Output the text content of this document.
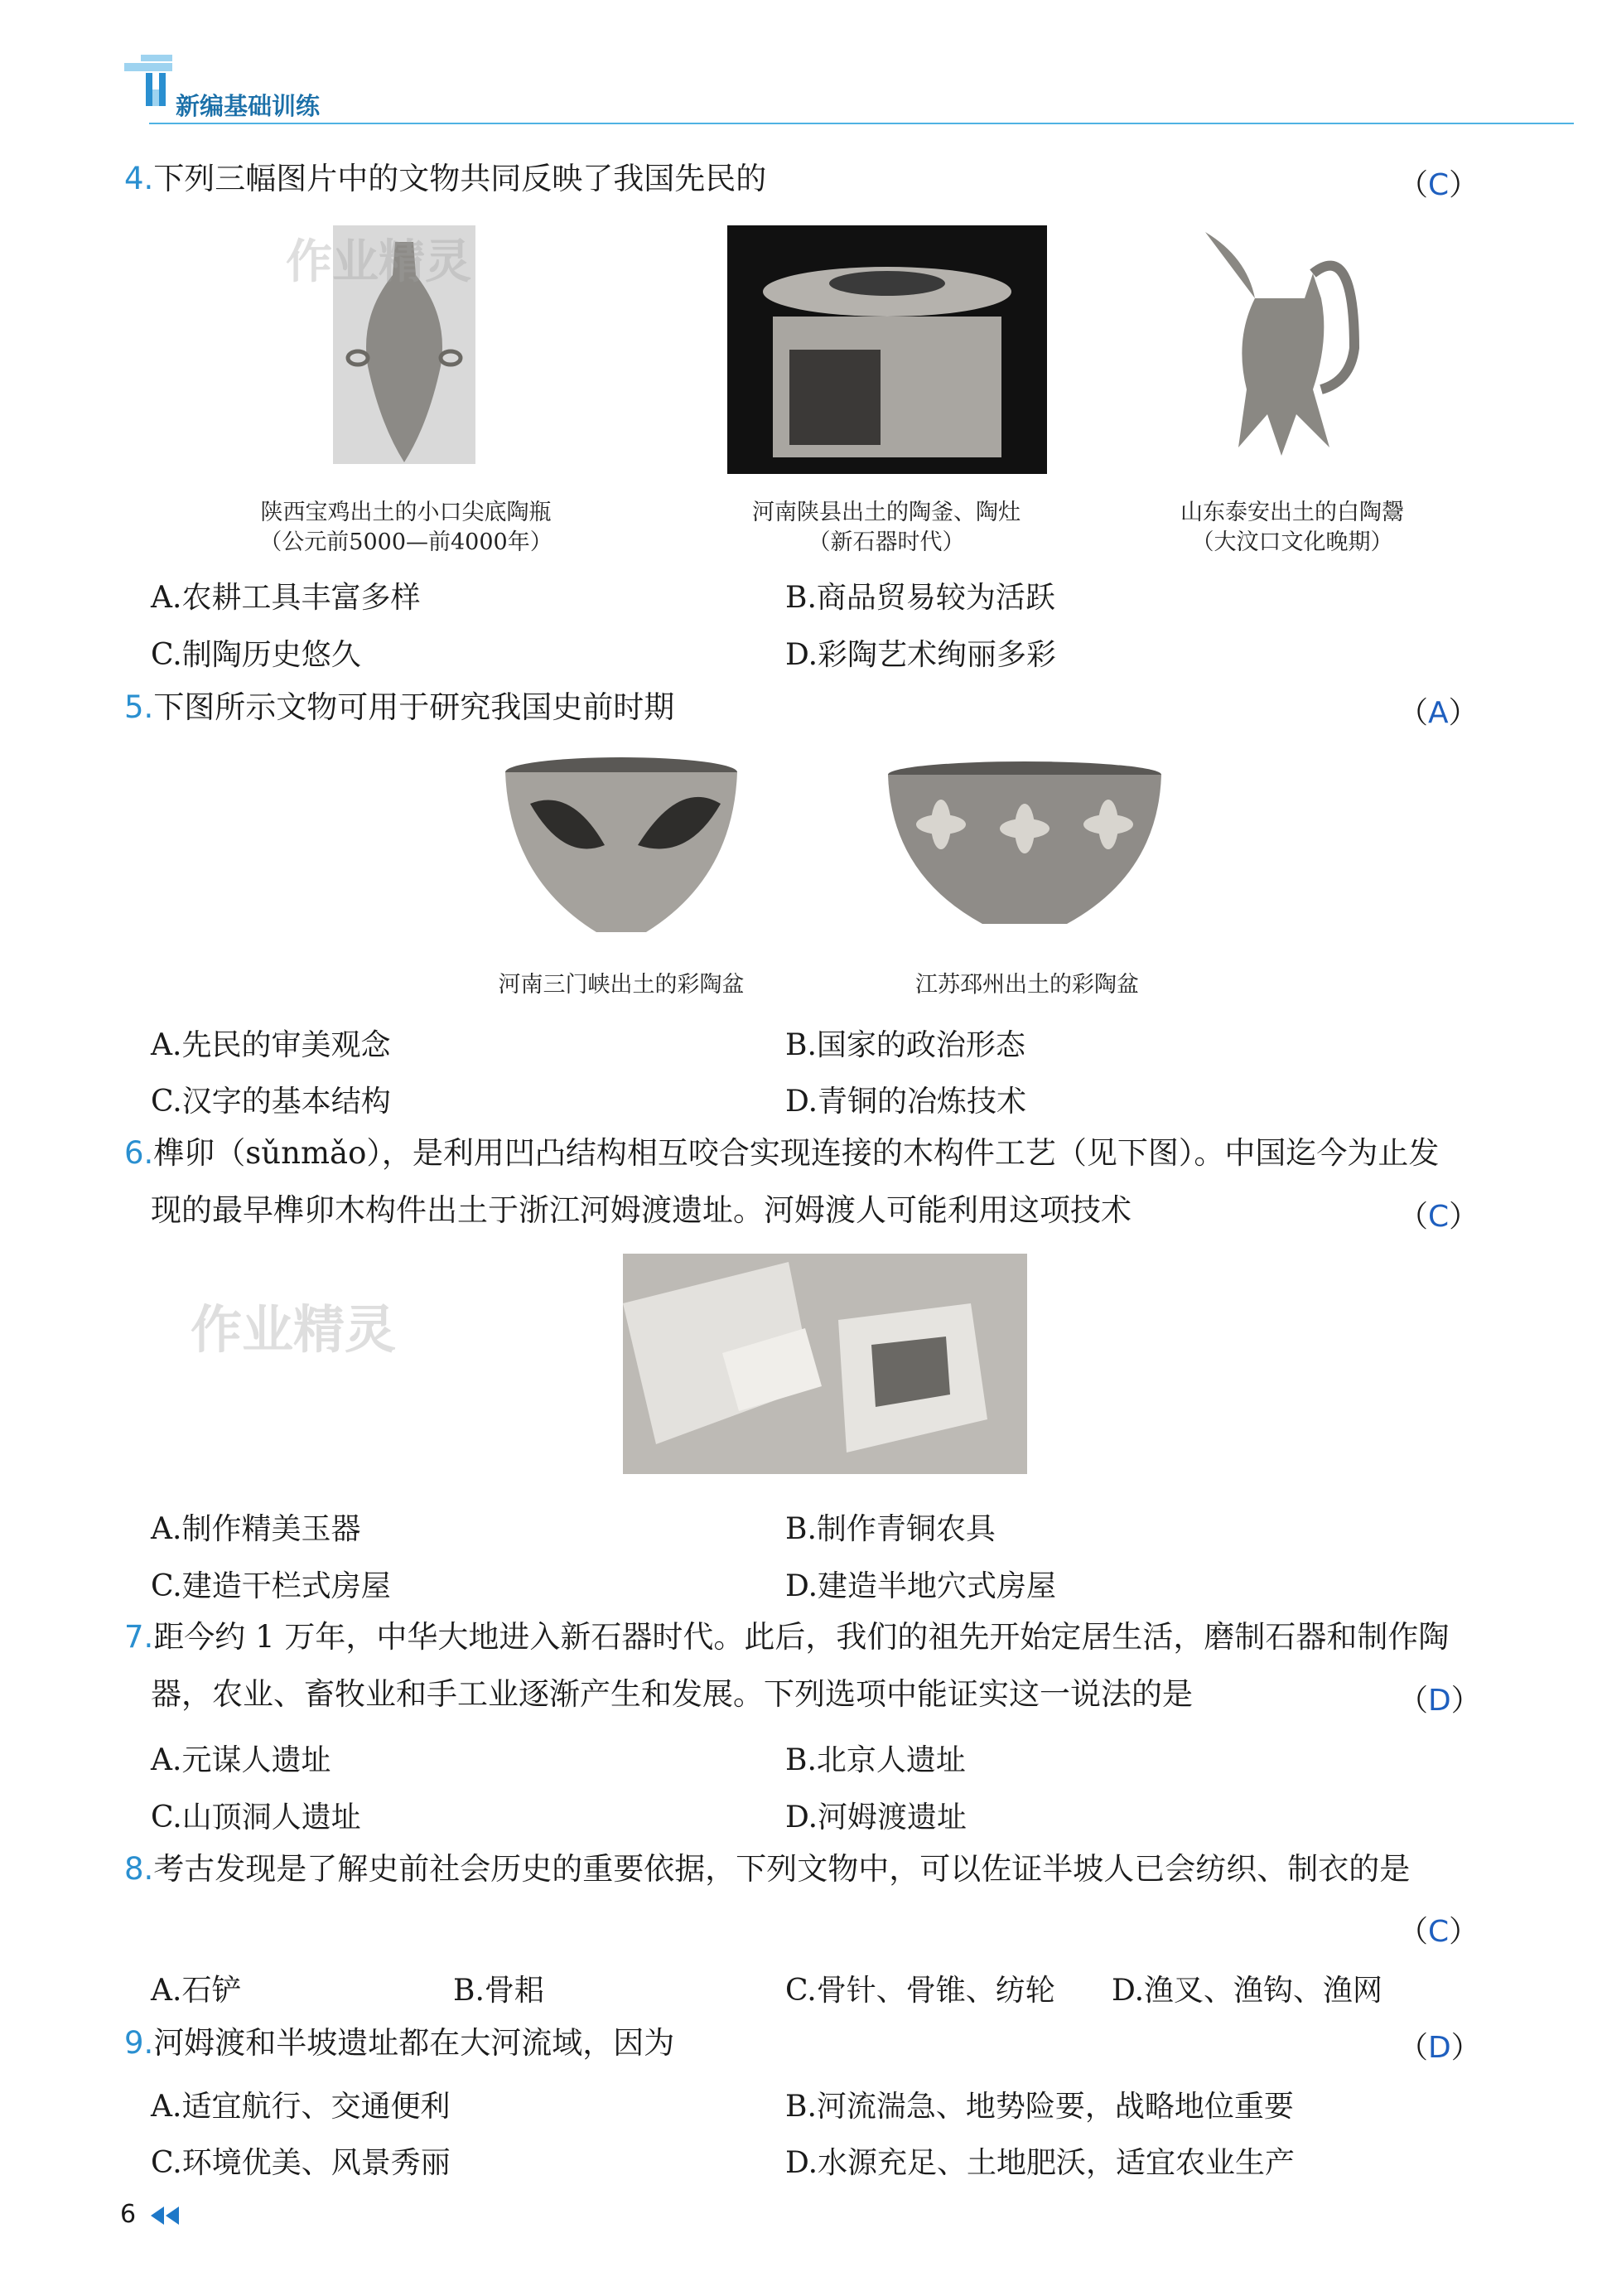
新编基础训练
4.下列三幅图片中的文物共同反映了我国先民的	（C）
陕西宝鸡出土的小口尖底陶瓶
（公元前5000—前4000年）
河南陕县出土的陶釜、陶灶
（新石器时代）
山东泰安出土的白陶鬶
（大汶口文化晚期）
A.农耕工具丰富多样	B.商品贸易较为活跃
C.制陶历史悠久	D.彩陶艺术绚丽多彩
5.下图所示文物可用于研究我国史前时期	（A）
河南三门峡出土的彩陶盆	江苏邳州出土的彩陶盆
A.先民的审美观念	B.国家的政治形态
C.汉字的基本结构	D.青铜的冶炼技术
6.榫卯（sǔnmǎo），是利用凹凸结构相互咬合实现连接的木构件工艺（见下图）。中国迄今为止发
现的最早榫卯木构件出土于浙江河姆渡遗址。河姆渡人可能利用这项技术	（C）
A.制作精美玉器	B.制作青铜农具
C.建造干栏式房屋	D.建造半地穴式房屋
7.距今约 1 万年，中华大地进入新石器时代。此后，我们的祖先开始定居生活，磨制石器和制作陶
器，农业、畜牧业和手工业逐渐产生和发展。下列选项中能证实这一说法的是	（D）
A.元谋人遗址	B.北京人遗址
C.山顶洞人遗址	D.河姆渡遗址
8.考古发现是了解史前社会历史的重要依据，下列文物中，可以佐证半坡人已会纺织、制衣的是
（C）
A.石铲	B.骨耜	C.骨针、骨锥、纺轮 D.渔叉、渔钩、渔网
9.河姆渡和半坡遗址都在大河流域，因为	（D）
A.适宜航行、交通便利	B.河流湍急、地势险要，战略地位重要
C.环境优美、风景秀丽	D.水源充足、土地肥沃，适宜农业生产
6
作业精灵
作业精灵
